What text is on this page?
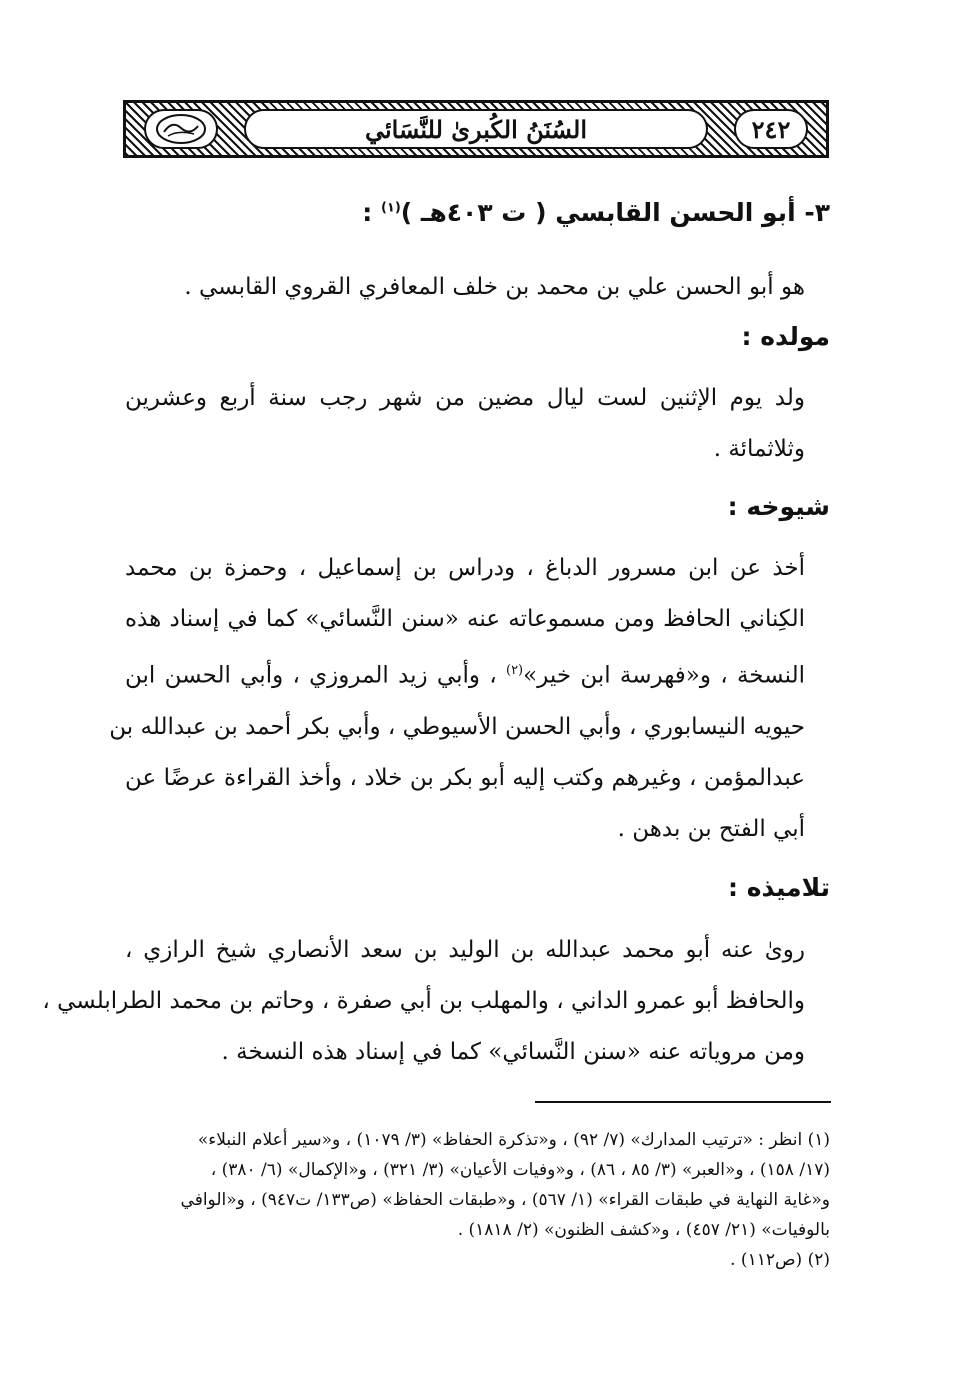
السُنَنُ الكُبرىٰ للنَّسَائي	٢٤٢
٣- أبو الحسن القابسي ( ت ٤٠٣هـ )$^{(١)}$ :
هو أبو الحسن علي بن محمد بن خلف المعافري القروي القابسي .
مولده :
ولد يوم الإثنين لست ليال مضين من شهر رجب سنة أربع وعشرين
وثلاثمائة .
شيوخه :
أخذ عن ابن مسرور الدباغ ، ودراس بن إسماعيل ، وحمزة بن محمد
الكِناني الحافظ ومن مسموعاته عنه «سنن النَّسائي» كما في إسناد هذه
النسخة ، و«فهرسة ابن خير»$^{(٢)}$ ، وأبي زيد المروزي ، وأبي الحسن ابن
حيويه النيسابوري ، وأبي الحسن الأسيوطي ، وأبي بكر أحمد بن عبدالله بن
عبدالمؤمن ، وغيرهم وكتب إليه أبو بكر بن خلاد ، وأخذ القراءة عرضًا عن
أبي الفتح بن بدهن .
تلاميذه :
روىٰ عنه أبو محمد عبدالله بن الوليد بن سعد الأنصاري شيخ الرازي ،
والحافظ أبو عمرو الداني ، والمهلب بن أبي صفرة ، وحاتم بن محمد الطرابلسي ،
ومن مروياته عنه «سنن النَّسائي» كما في إسناد هذه النسخة .
(١) انظر : «ترتيب المدارك» (٧/ ٩٢) ، و«تذكرة الحفاظ» (٣/ ١٠٧٩) ، و«سير أعلام النبلاء»
(١٧/ ١٥٨) ، و«العبر» (٣/ ٨٥ ، ٨٦) ، و«وفيات الأعيان» (٣/ ٣٢١) ، و«الإكمال» (٦/ ٣٨٠) ،
و«غاية النهاية في طبقات القراء» (١/ ٥٦٧) ، و«طبقات الحفاظ» (ص١٣٣/ ت٩٤٧) ، و«الوافي
بالوفيات» (٢١/ ٤٥٧) ، و«كشف الظنون» (٢/ ١٨١٨) .
(٢) (ص١١٢) .
